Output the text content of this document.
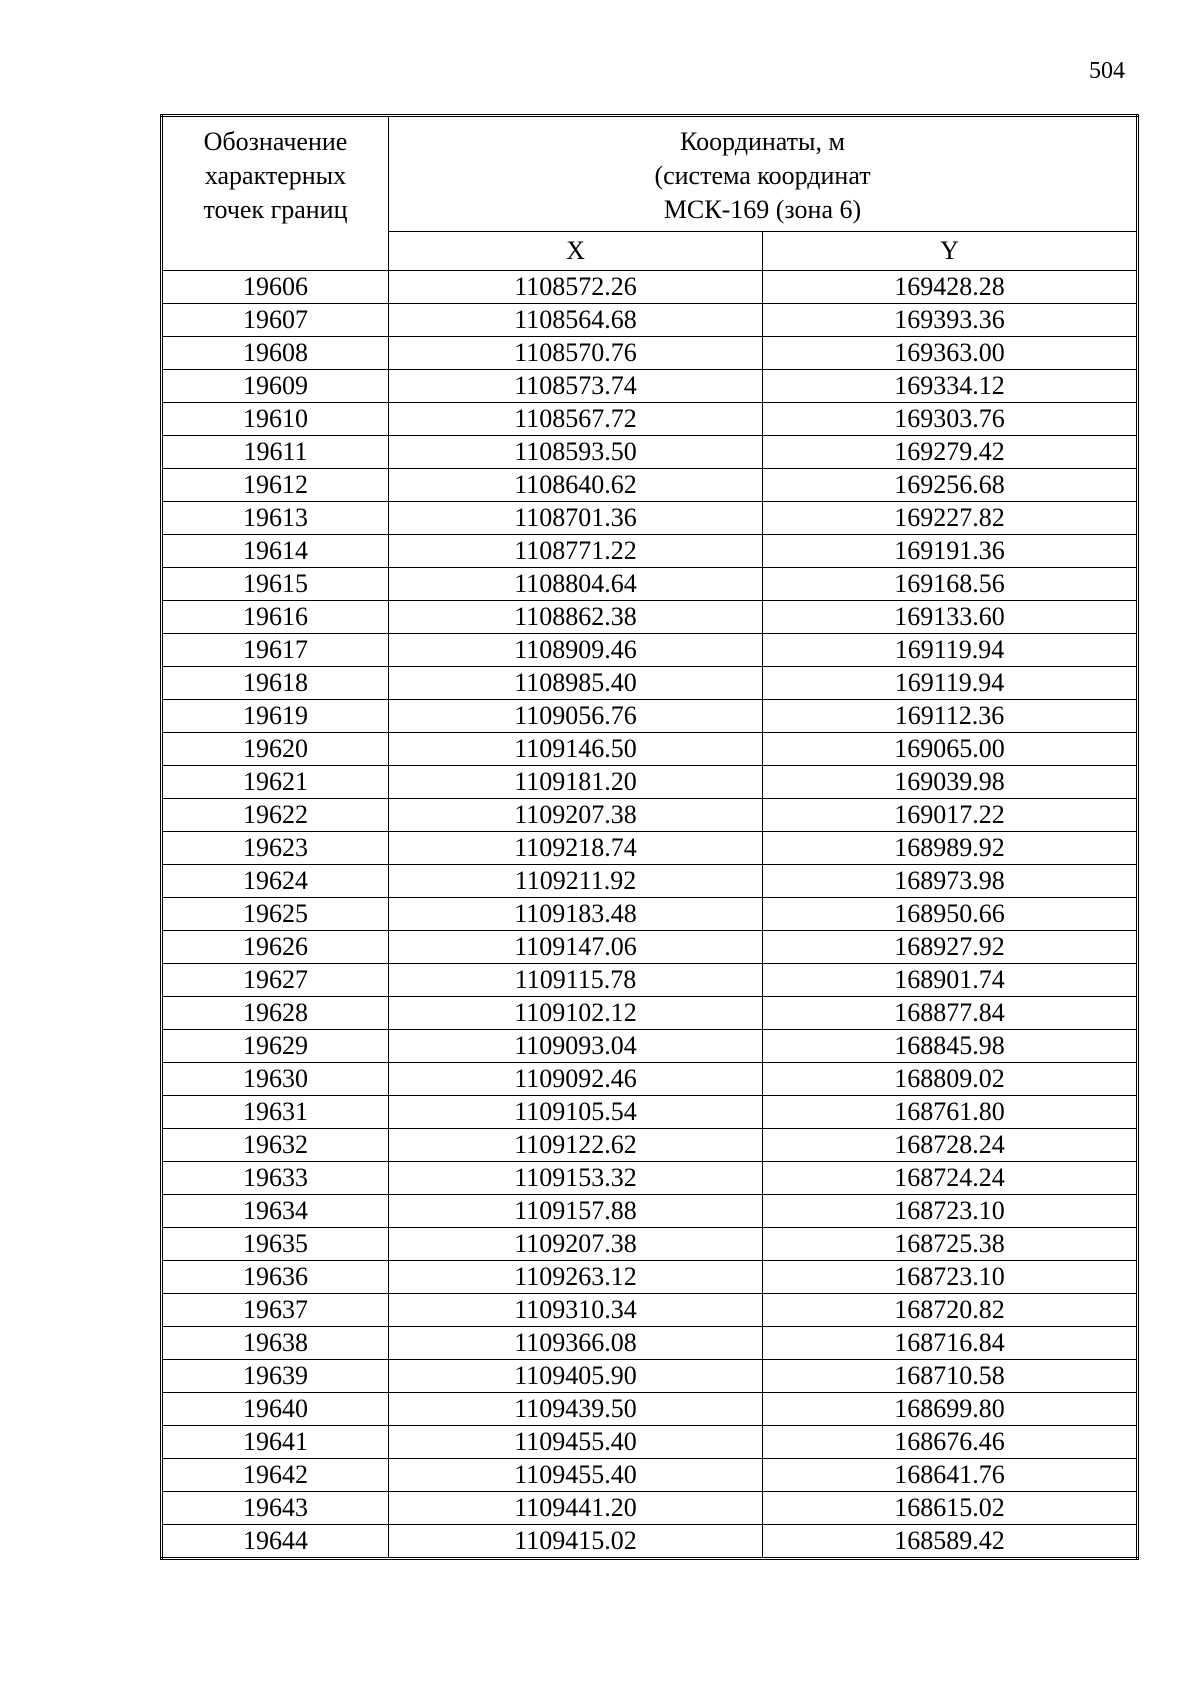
504
Обозначение
характерных
точек границ	Координаты, м
(система координат
МСК-169 (зона 6)	

	X	Y
19606	1108572.26	169428.28
19607	1108564.68	169393.36
19608	1108570.76	169363.00
19609	1108573.74	169334.12
19610	1108567.72	169303.76
19611	1108593.50	169279.42
19612	1108640.62	169256.68
19613	1108701.36	169227.82
19614	1108771.22	169191.36
19615	1108804.64	169168.56
19616	1108862.38	169133.60
19617	1108909.46	169119.94
19618	1108985.40	169119.94
19619	1109056.76	169112.36
19620	1109146.50	169065.00
19621	1109181.20	169039.98
19622	1109207.38	169017.22
19623	1109218.74	168989.92
19624	1109211.92	168973.98
19625	1109183.48	168950.66
19626	1109147.06	168927.92
19627	1109115.78	168901.74
19628	1109102.12	168877.84
19629	1109093.04	168845.98
19630	1109092.46	168809.02
19631	1109105.54	168761.80
19632	1109122.62	168728.24
19633	1109153.32	168724.24
19634	1109157.88	168723.10
19635	1109207.38	168725.38
19636	1109263.12	168723.10
19637	1109310.34	168720.82
19638	1109366.08	168716.84
19639	1109405.90	168710.58
19640	1109439.50	168699.80
19641	1109455.40	168676.46
19642	1109455.40	168641.76
19643	1109441.20	168615.02
19644	1109415.02	168589.42
